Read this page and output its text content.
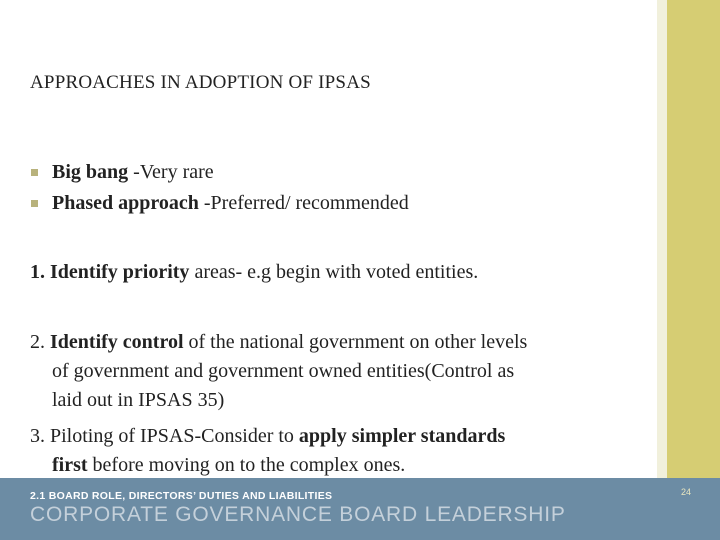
APPROACHES IN ADOPTION OF IPSAS
Big bang -Very rare
Phased approach -Preferred/ recommended
1. Identify priority areas- e.g begin with voted entities.
2. Identify control of the national government on other levels
of government and government owned entities(Control as
laid out in IPSAS 35)
3. Piloting of IPSAS-Consider to apply simpler standards
first before moving on to the complex ones.
2.1 BOARD ROLE, DIRECTORS’ DUTIES AND LIABILITIES
CORPORATE GOVERNANCE BOARD LEADERSHIP
24
